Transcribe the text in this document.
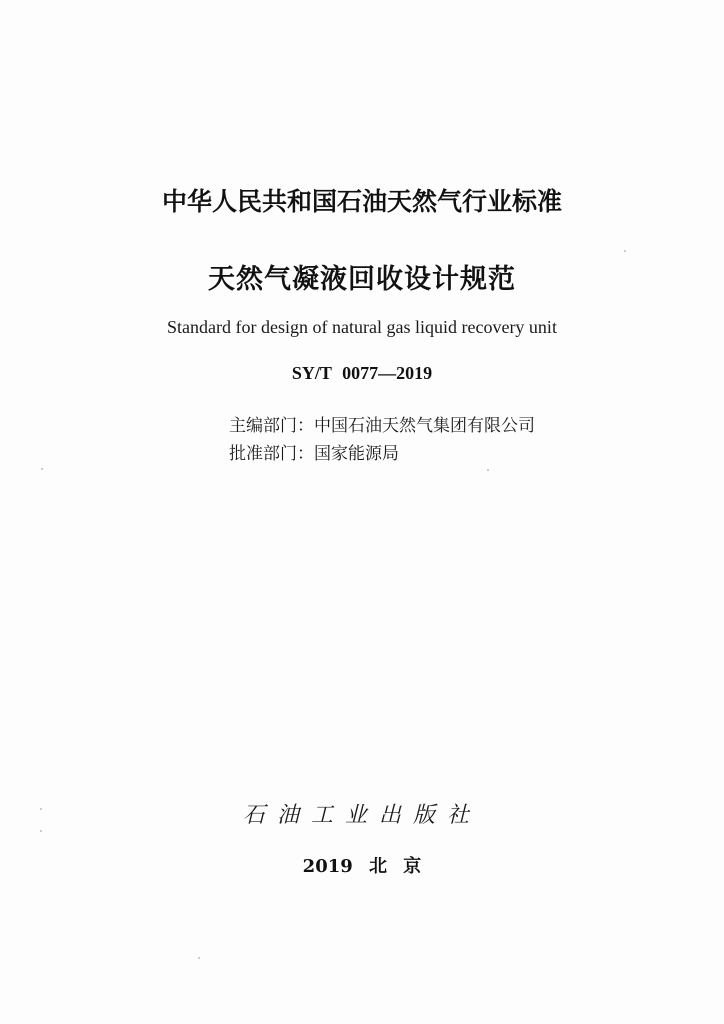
中华人民共和国石油天然气行业标准
天然气凝液回收设计规范
Standard for design of natural gas liquid recovery unit
SY/T 0077—2019
主编部门：中国石油天然气集团有限公司
批准部门：国家能源局
石油工业出版社
2019 北 京
